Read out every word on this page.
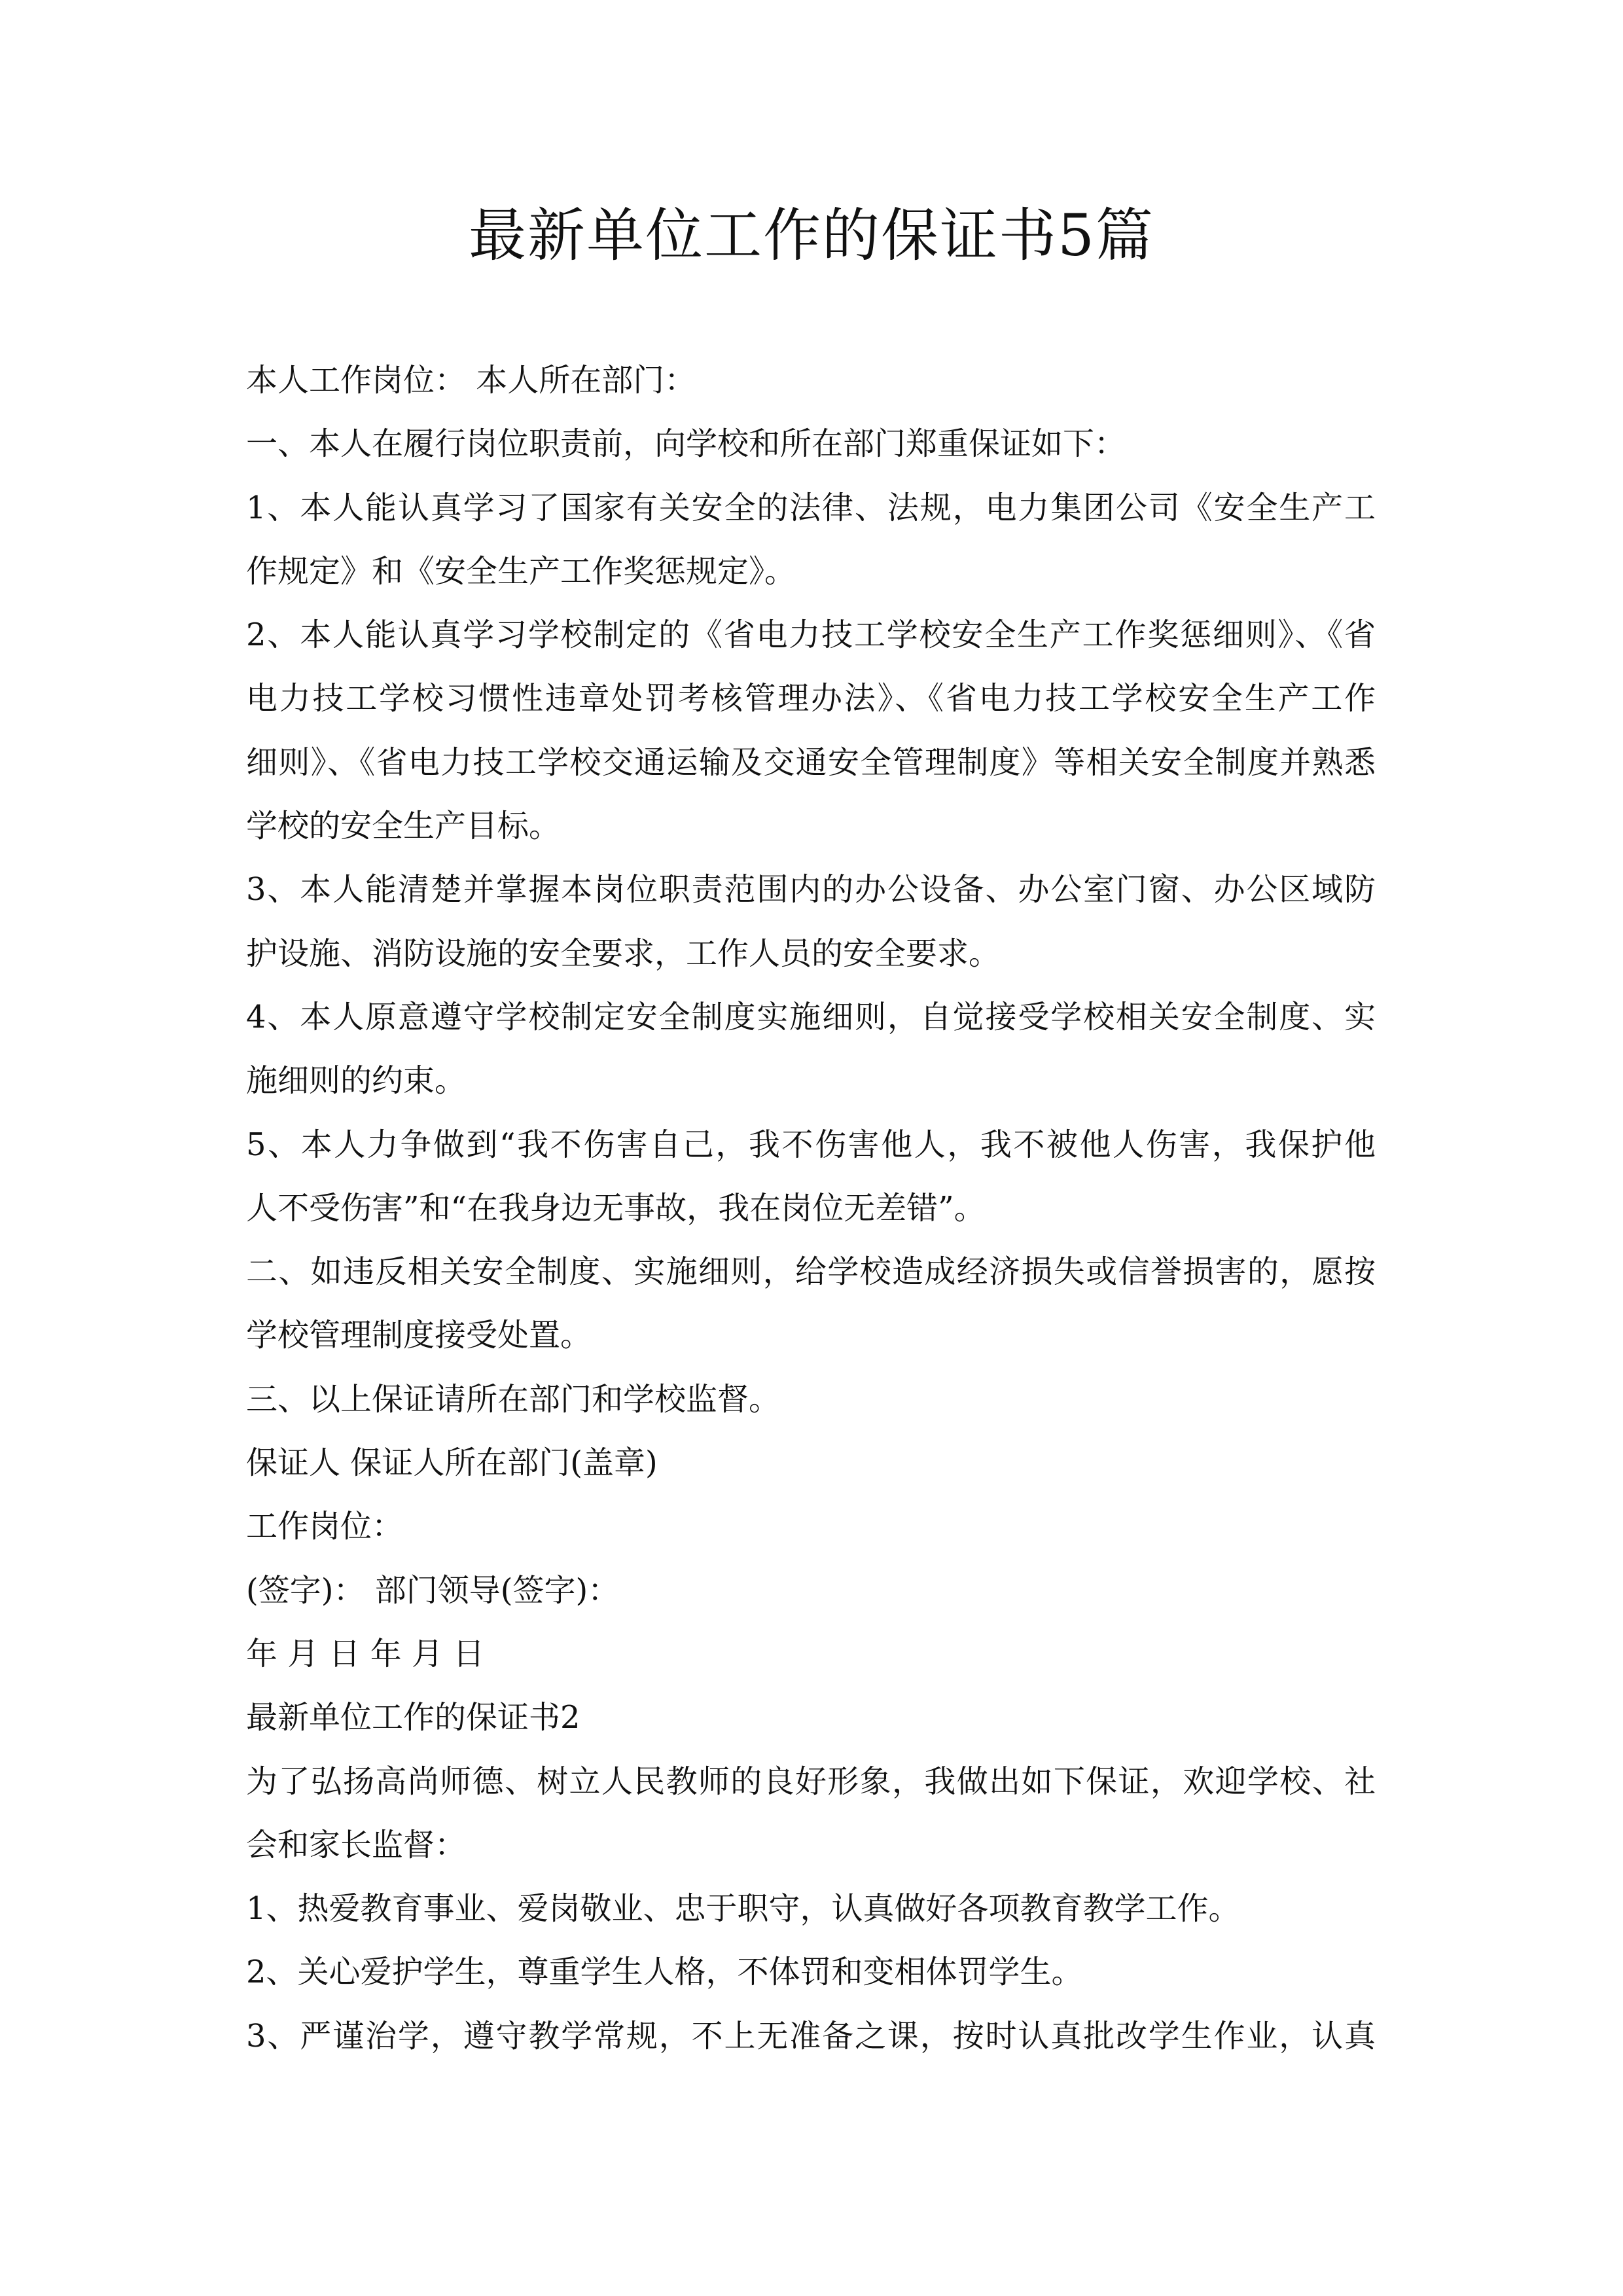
最新单位工作的保证书5篇
本人工作岗位： 本人所在部门：
一、本人在履行岗位职责前，向学校和所在部门郑重保证如下：
1、本人能认真学习了国家有关安全的法律、法规，电力集团公司《安全生产工
作规定》和《安全生产工作奖惩规定》。
2、本人能认真学习学校制定的《省电力技工学校安全生产工作奖惩细则》、《省
电力技工学校习惯性违章处罚考核管理办法》、《省电力技工学校安全生产工作
细则》、《省电力技工学校交通运输及交通安全管理制度》等相关安全制度并熟悉
学校的安全生产目标。
3、本人能清楚并掌握本岗位职责范围内的办公设备、办公室门窗、办公区域防
护设施、消防设施的安全要求，工作人员的安全要求。
4、本人原意遵守学校制定安全制度实施细则，自觉接受学校相关安全制度、实
施细则的约束。
5、本人力争做到“我不伤害自己，我不伤害他人，我不被他人伤害，我保护他
人不受伤害”和“在我身边无事故，我在岗位无差错”。
二、如违反相关安全制度、实施细则，给学校造成经济损失或信誉损害的，愿按
学校管理制度接受处置。
三、以上保证请所在部门和学校监督。
保证人 保证人所在部门(盖章)
工作岗位：
(签字)： 部门领导(签字)：
年 月 日 年 月 日
最新单位工作的保证书2
为了弘扬高尚师德、树立人民教师的良好形象，我做出如下保证，欢迎学校、社
会和家长监督：
1、热爱教育事业、爱岗敬业、忠于职守，认真做好各项教育教学工作。
2、关心爱护学生，尊重学生人格，不体罚和变相体罚学生。
3、严谨治学，遵守教学常规，不上无准备之课，按时认真批改学生作业，认真
